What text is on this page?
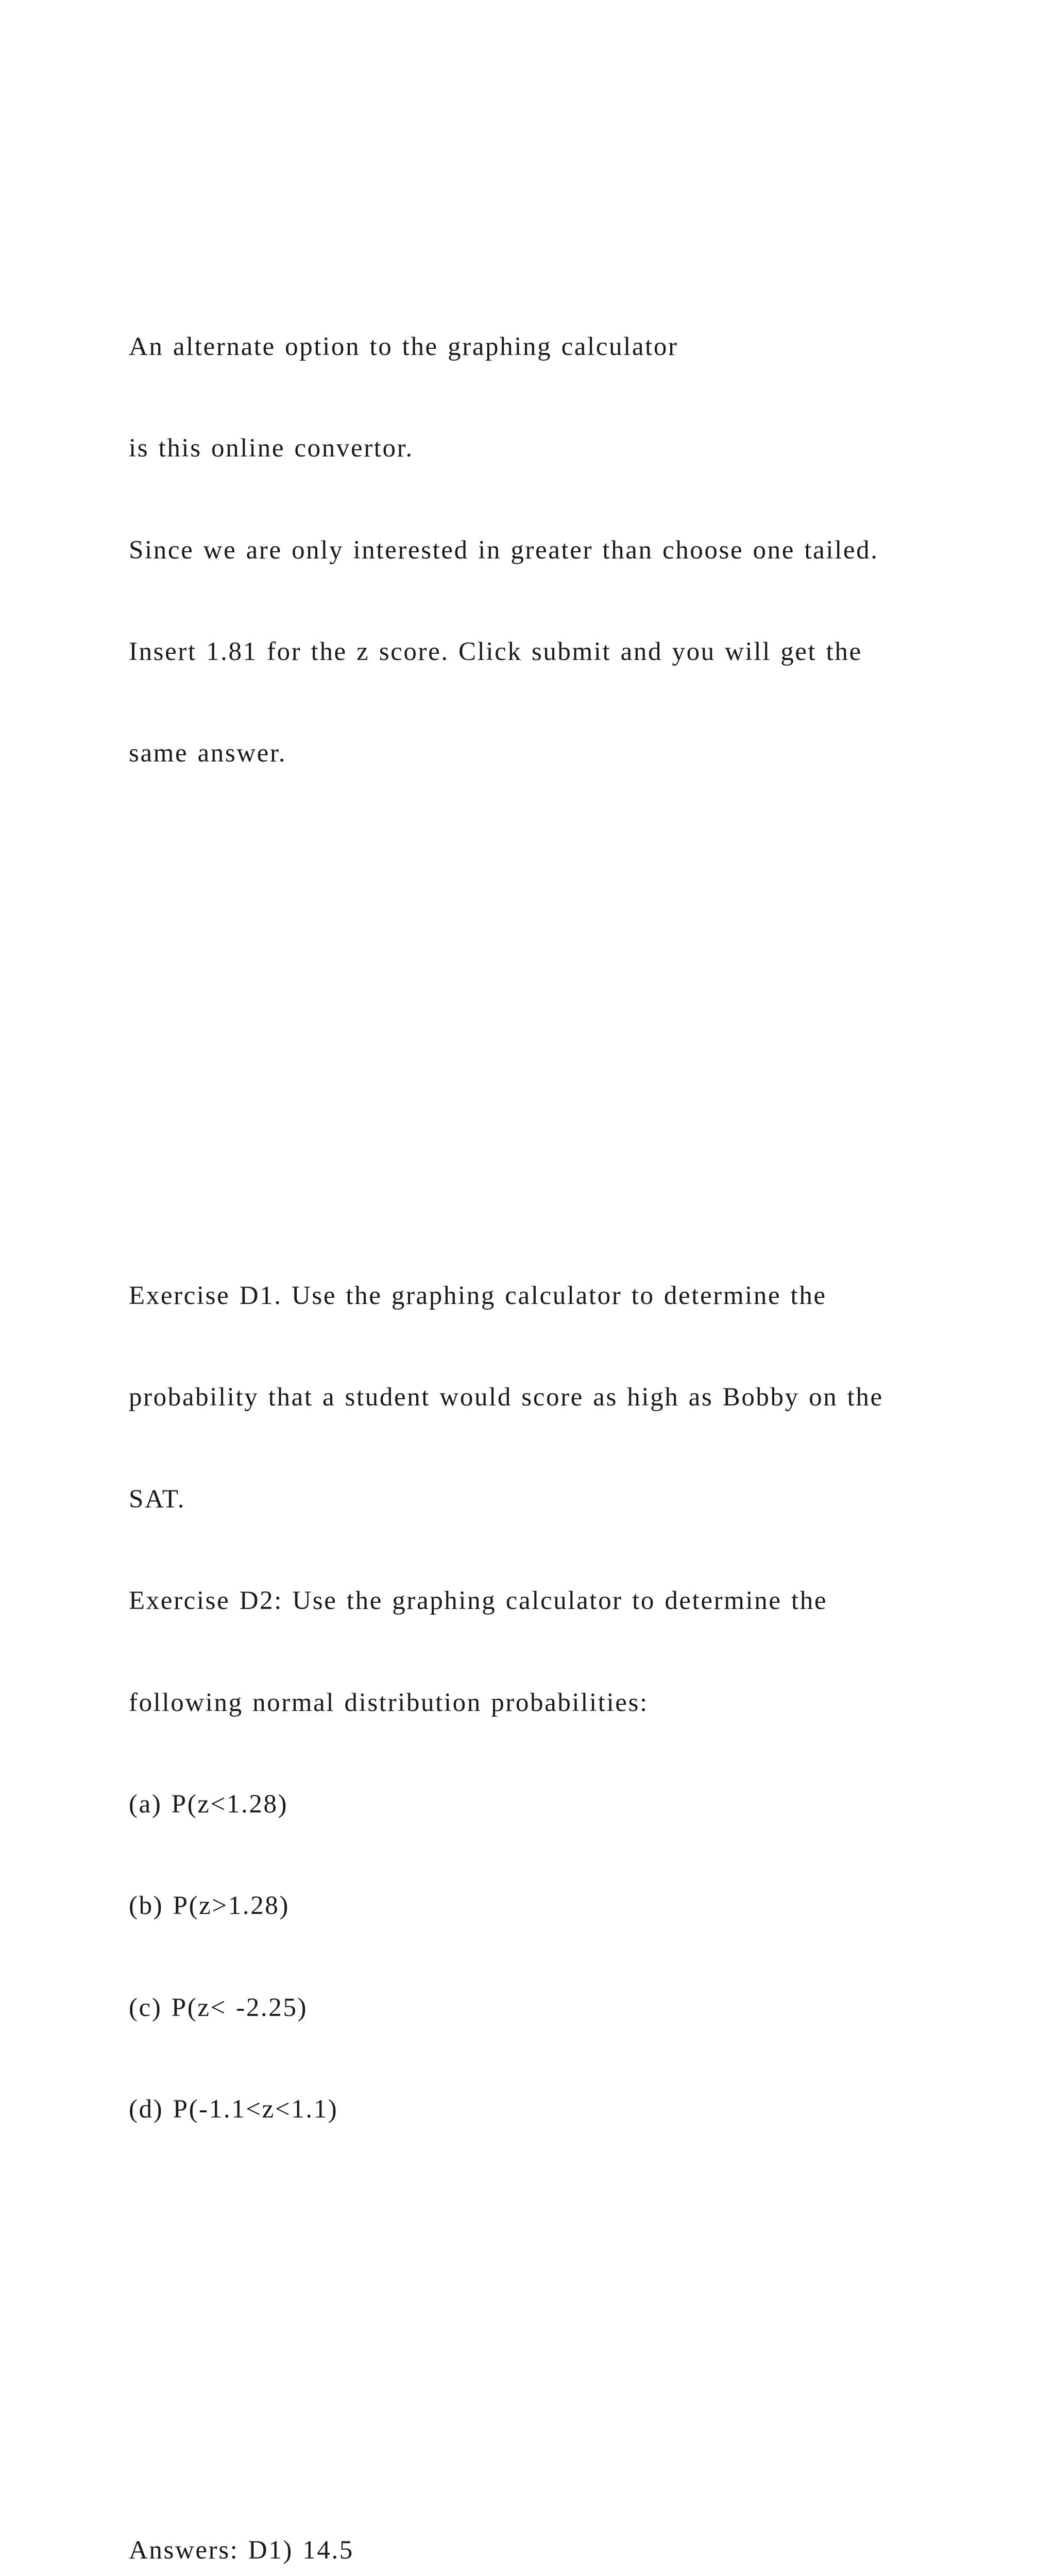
An alternate option to the graphing calculator

is this online convertor.

Since we are only interested in greater than choose one tailed.

Insert 1.81 for the z score. Click submit and you will get the

same answer.

Exercise D1. Use the graphing calculator to determine the

probability that a student would score as high as Bobby on the

SAT.

Exercise D2: Use the graphing calculator to determine the

following normal distribution probabilities:

(a) P(z<1.28)

(b) P(z>1.28)

(c) P(z< -2.25)

(d) P(-1.1<z<1.1)

Answers: D1) 14.5
